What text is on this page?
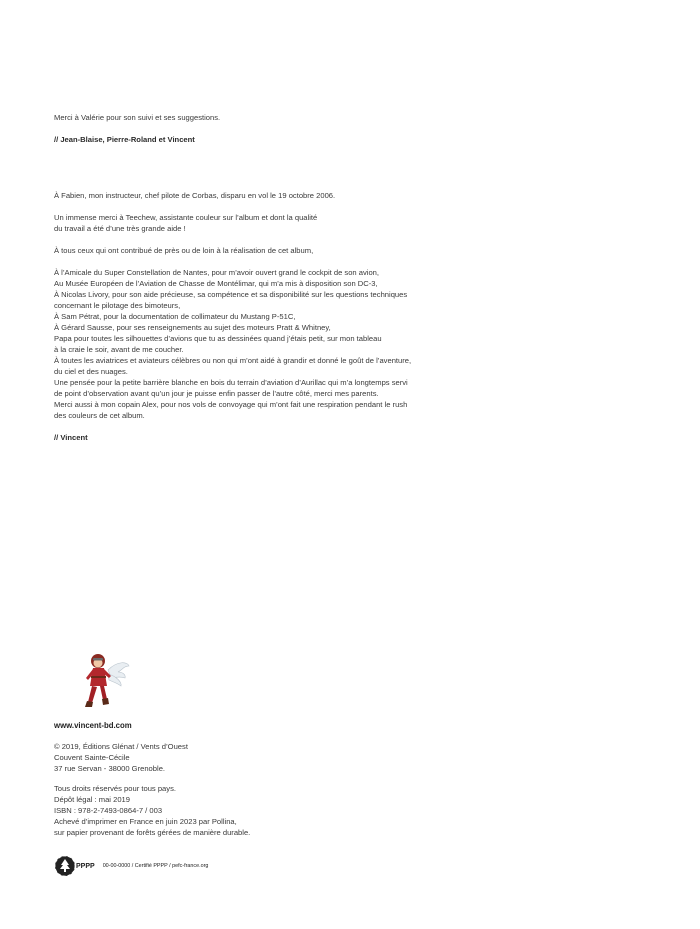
Merci à Valérie pour son suivi et ses suggestions.

// Jean-Blaise, Pierre-Roland et Vincent

À Fabien, mon instructeur, chef pilote de Corbas, disparu en vol le 19 octobre 2006.
Un immense merci à Teechew, assistante couleur sur l’album et dont la qualité
du travail a été d’une très grande aide !
À tous ceux qui ont contribué de près ou de loin à la réalisation de cet album,
À l’Amicale du Super Constellation de Nantes, pour m’avoir ouvert grand le cockpit de son avion,
Au Musée Européen de l’Aviation de Chasse de Montélimar, qui m’a mis à disposition son DC-3,
À Nicolas Livory, pour son aide précieuse, sa compétence et sa disponibilité sur les questions techniques
concernant le pilotage des bimoteurs,
À Sam Pétrat, pour la documentation de collimateur du Mustang P-51C,
À Gérard Sausse, pour ses renseignements au sujet des moteurs Pratt & Whitney,
Papa pour toutes les silhouettes d’avions que tu as dessinées quand j’étais petit, sur mon tableau
à la craie le soir, avant de me coucher.
À toutes les aviatrices et aviateurs célèbres ou non qui m’ont aidé à grandir et donné le goût de l’aventure,
du ciel et des nuages.
Une pensée pour la petite barrière blanche en bois du terrain d’aviation d’Aurillac qui m’a longtemps servi
de point d’observation avant qu’un jour je puisse enfin passer de l’autre côté, merci mes parents.
Merci aussi à mon copain Alex, pour nos vols de convoyage qui m’ont fait une respiration pendant le rush
des couleurs de cet album.

// Vincent

www.vincent-bd.com
© 2019, Éditions Glénat / Vents d’Ouest
Couvent Sainte-Cécile
37 rue Servan - 38000 Grenoble.
Tous droits réservés pour tous pays.
Dépôt légal : mai 2019
ISBN : 978-2-7493-0864-7 / 003
Achevé d’imprimer en France en juin 2023 par Pollina,
sur papier provenant de forêts gérées de manière durable.
PPPP 00-00-0000 / Certifié PPPP / pefc-france.org
